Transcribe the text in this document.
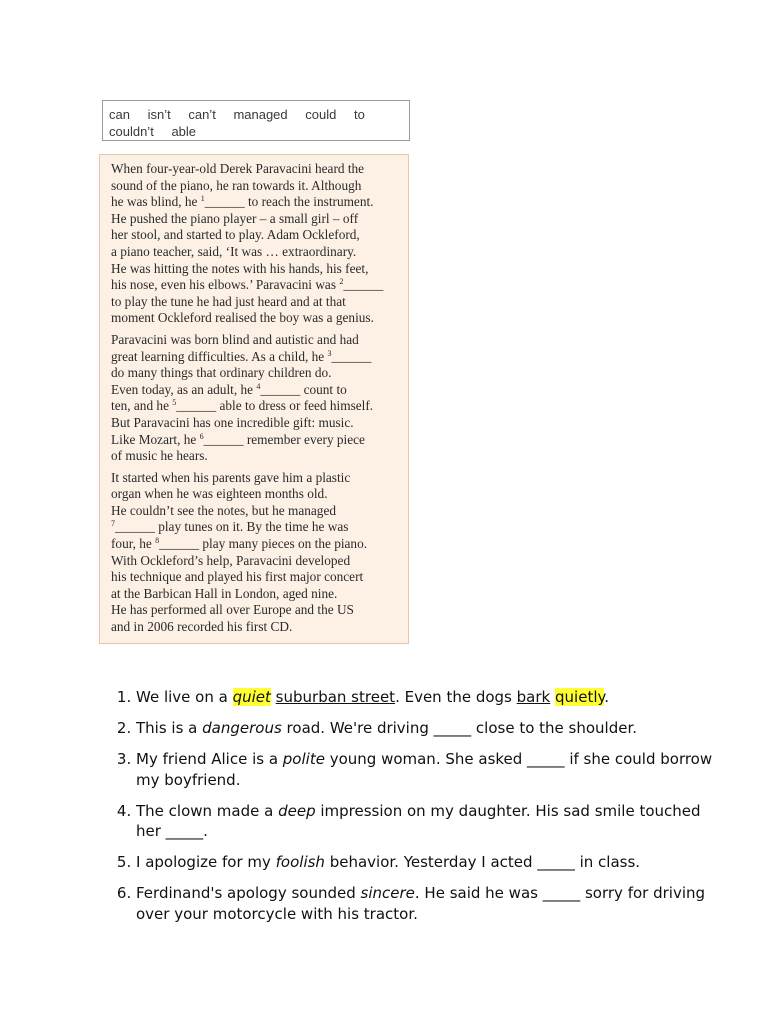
can isn’t can’t managed could to
couldn’t able

When four-year-old Derek Paravacini heard the
sound of the piano, he ran towards it. Although
he was blind, he $^1$______ to reach the instrument.
He pushed the piano player – a small girl – off
her stool, and started to play. Adam Ockleford,
a piano teacher, said, ‘It was … extraordinary.
He was hitting the notes with his hands, his feet,
his nose, even his elbows.’ Paravacini was $^2$______
to play the tune he had just heard and at that
moment Ockleford realised the boy was a genius.

Paravacini was born blind and autistic and had
great learning difficulties. As a child, he $^3$______
do many things that ordinary children do.
Even today, as an adult, he $^4$______ count to
ten, and he $^5$______ able to dress or feed himself.
But Paravacini has one incredible gift: music.
Like Mozart, he $^6$______ remember every piece
of music he hears.

It started when his parents gave him a plastic
organ when he was eighteen months old.
He couldn’t see the notes, but he managed
$^7$______ play tunes on it. By the time he was
four, he $^8$______ play many pieces on the piano.
With Ockleford’s help, Paravacini developed
his technique and played his first major concert
at the Barbican Hall in London, aged nine.
He has performed all over Europe and the US
and in 2006 recorded his first CD.

1. We live on a quiet suburban street. Even the dogs bark quietly.
2. This is a dangerous road. We're driving _____ close to the shoulder.
3. My friend Alice is a polite young woman. She asked _____ if she could borrow my boyfriend.
4. The clown made a deep impression on my daughter. His sad smile touched her _____.
5. I apologize for my foolish behavior. Yesterday I acted _____ in class.
6. Ferdinand's apology sounded sincere. He said he was _____ sorry for driving over your motorcycle with his tractor.
